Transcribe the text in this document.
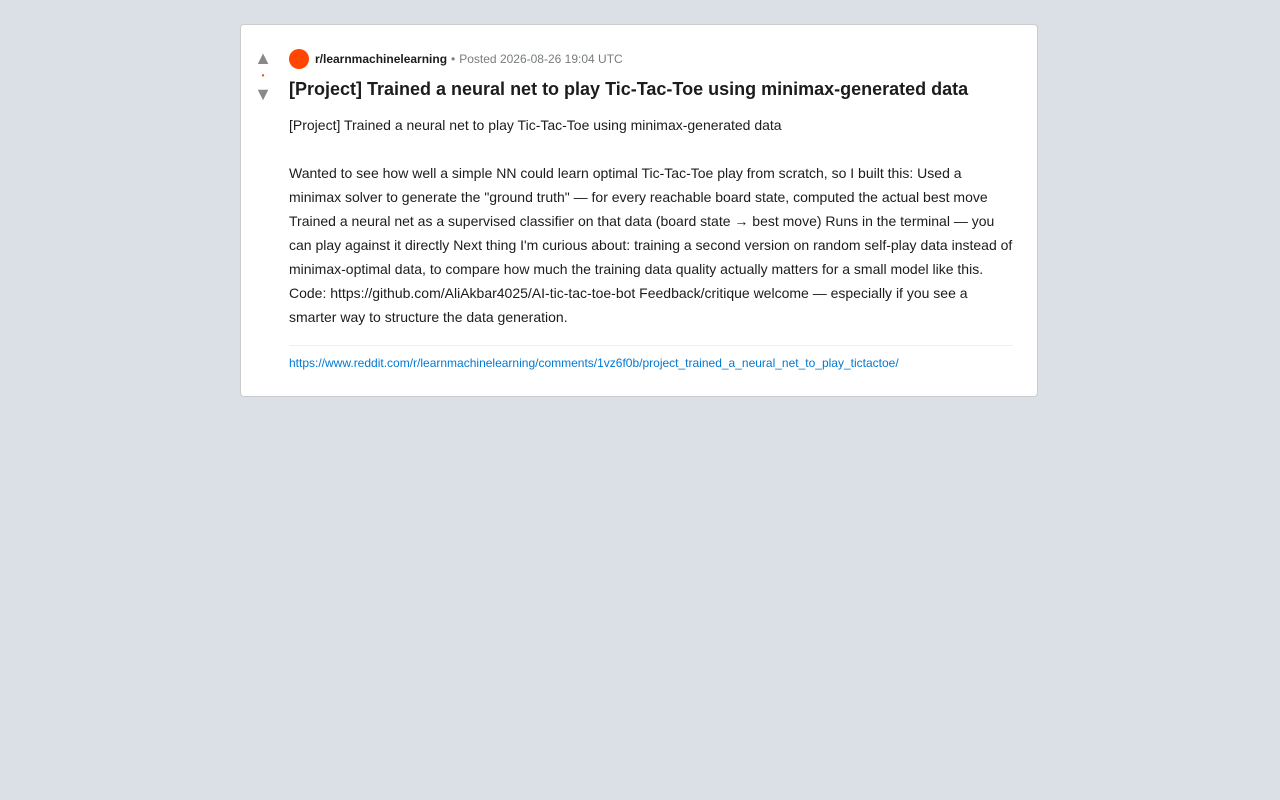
▲
•
▼
r/learnmachinelearning • Posted 2026-08-26 19:04 UTC
[Project] Trained a neural net to play Tic-Tac-Toe using minimax-generated data

[Project] Trained a neural net to play Tic-Tac-Toe using minimax-generated data

Wanted to see how well a simple NN could learn optimal Tic-Tac-Toe play from scratch, so I built this: Used a minimax solver to generate the "ground truth" — for every reachable board state, computed the actual best move Trained a neural net as a supervised classifier on that data (board state → best move) Runs in the terminal — you can play against it directly Next thing I'm curious about: training a second version on random self-play data instead of minimax-optimal data, to compare how much the training data quality actually matters for a small model like this. Code: https://github.com/AliAkbar4025/AI-tic-tac-toe-bot Feedback/critique welcome — especially if you see a smarter way to structure the data generation.

https://www.reddit.com/r/learnmachinelearning/comments/1vz6f0b/project_trained_a_neural_net_to_play_tictactoe/
